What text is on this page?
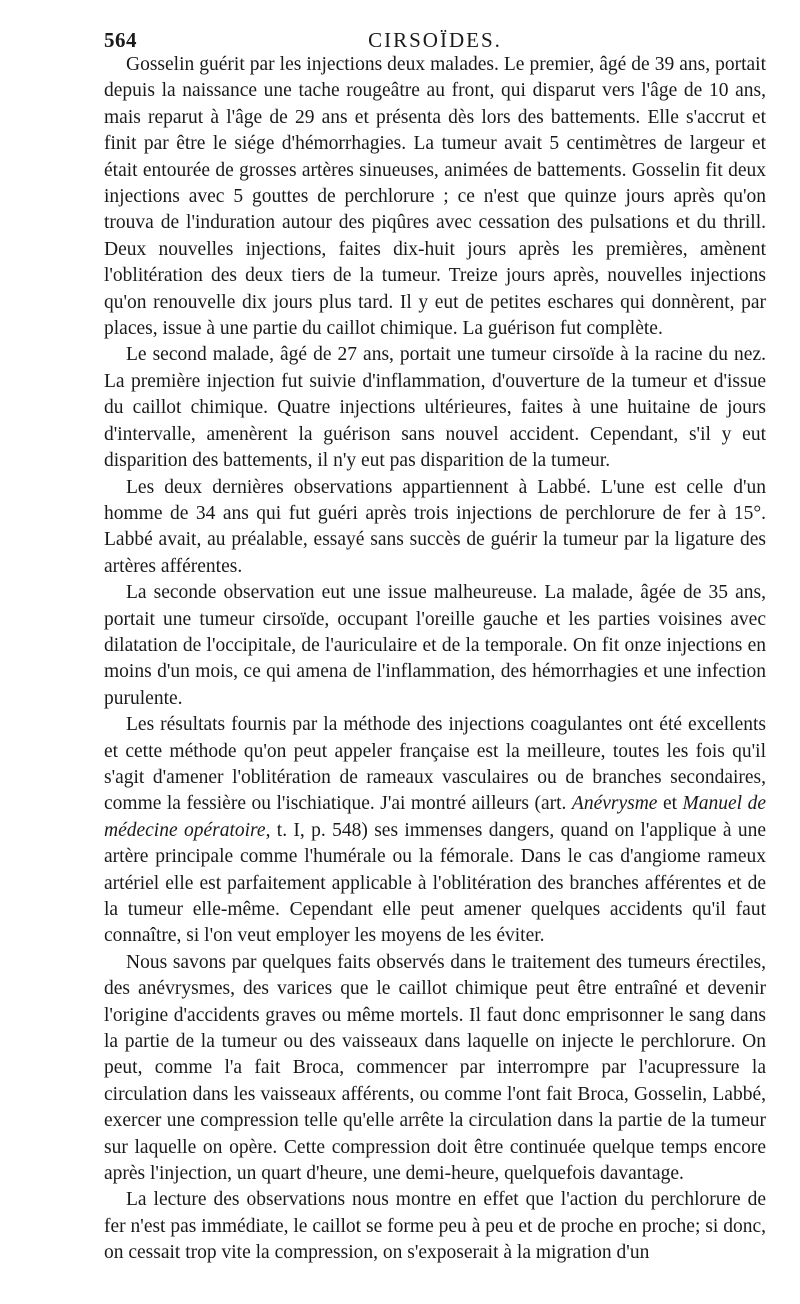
564	CIRSOÏDES.

Gosselin guérit par les injections deux malades. Le premier, âgé de 39 ans, portait depuis la naissance une tache rougeâtre au front, qui disparut vers l'âge de 10 ans, mais reparut à l'âge de 29 ans et présenta dès lors des battements. Elle s'accrut et finit par être le siége d'hémorrhagies. La tumeur avait 5 centimètres de largeur et était entourée de grosses artères sinueuses, animées de battements. Gosselin fit deux injections avec 5 gouttes de perchlorure ; ce n'est que quinze jours après qu'on trouva de l'induration autour des piqûres avec cessation des pulsations et du thrill. Deux nouvelles injections, faites dix-huit jours après les premières, amènent l'oblitération des deux tiers de la tumeur. Treize jours après, nouvelles injections qu'on renouvelle dix jours plus tard. Il y eut de petites eschares qui donnèrent, par places, issue à une partie du caillot chimique. La guérison fut complète.

Le second malade, âgé de 27 ans, portait une tumeur cirsoïde à la racine du nez. La première injection fut suivie d'inflammation, d'ouverture de la tumeur et d'issue du caillot chimique. Quatre injections ultérieures, faites à une huitaine de jours d'intervalle, amenèrent la guérison sans nouvel accident. Cependant, s'il y eut disparition des battements, il n'y eut pas disparition de la tumeur.

Les deux dernières observations appartiennent à Labbé. L'une est celle d'un homme de 34 ans qui fut guéri après trois injections de perchlorure de fer à 15°. Labbé avait, au préalable, essayé sans succès de guérir la tumeur par la ligature des artères afférentes.

La seconde observation eut une issue malheureuse. La malade, âgée de 35 ans, portait une tumeur cirsoïde, occupant l'oreille gauche et les parties voisines avec dilatation de l'occipitale, de l'auriculaire et de la temporale. On fit onze injections en moins d'un mois, ce qui amena de l'inflammation, des hémorrhagies et une infection purulente.

Les résultats fournis par la méthode des injections coagulantes ont été excellents et cette méthode qu'on peut appeler française est la meilleure, toutes les fois qu'il s'agit d'amener l'oblitération de rameaux vasculaires ou de branches secondaires, comme la fessière ou l'ischiatique. J'ai montré ailleurs (art. Anévrysme et Manuel de médecine opératoire, t. I, p. 548) ses immenses dangers, quand on l'applique à une artère principale comme l'humérale ou la fémorale. Dans le cas d'angiome rameux artériel elle est parfaitement applicable à l'oblitération des branches afférentes et de la tumeur elle-même. Cependant elle peut amener quelques accidents qu'il faut connaître, si l'on veut employer les moyens de les éviter.

Nous savons par quelques faits observés dans le traitement des tumeurs érectiles, des anévrysmes, des varices que le caillot chimique peut être entraîné et devenir l'origine d'accidents graves ou même mortels. Il faut donc emprisonner le sang dans la partie de la tumeur ou des vaisseaux dans laquelle on injecte le perchlorure. On peut, comme l'a fait Broca, commencer par interrompre par l'acupressure la circulation dans les vaisseaux afférents, ou comme l'ont fait Broca, Gosselin, Labbé, exercer une compression telle qu'elle arrête la circulation dans la partie de la tumeur sur laquelle on opère. Cette compression doit être continuée quelque temps encore après l'injection, un quart d'heure, une demi-heure, quelquefois davantage.

La lecture des observations nous montre en effet que l'action du perchlorure de fer n'est pas immédiate, le caillot se forme peu à peu et de proche en proche; si donc, on cessait trop vite la compression, on s'exposerait à la migration d'un
